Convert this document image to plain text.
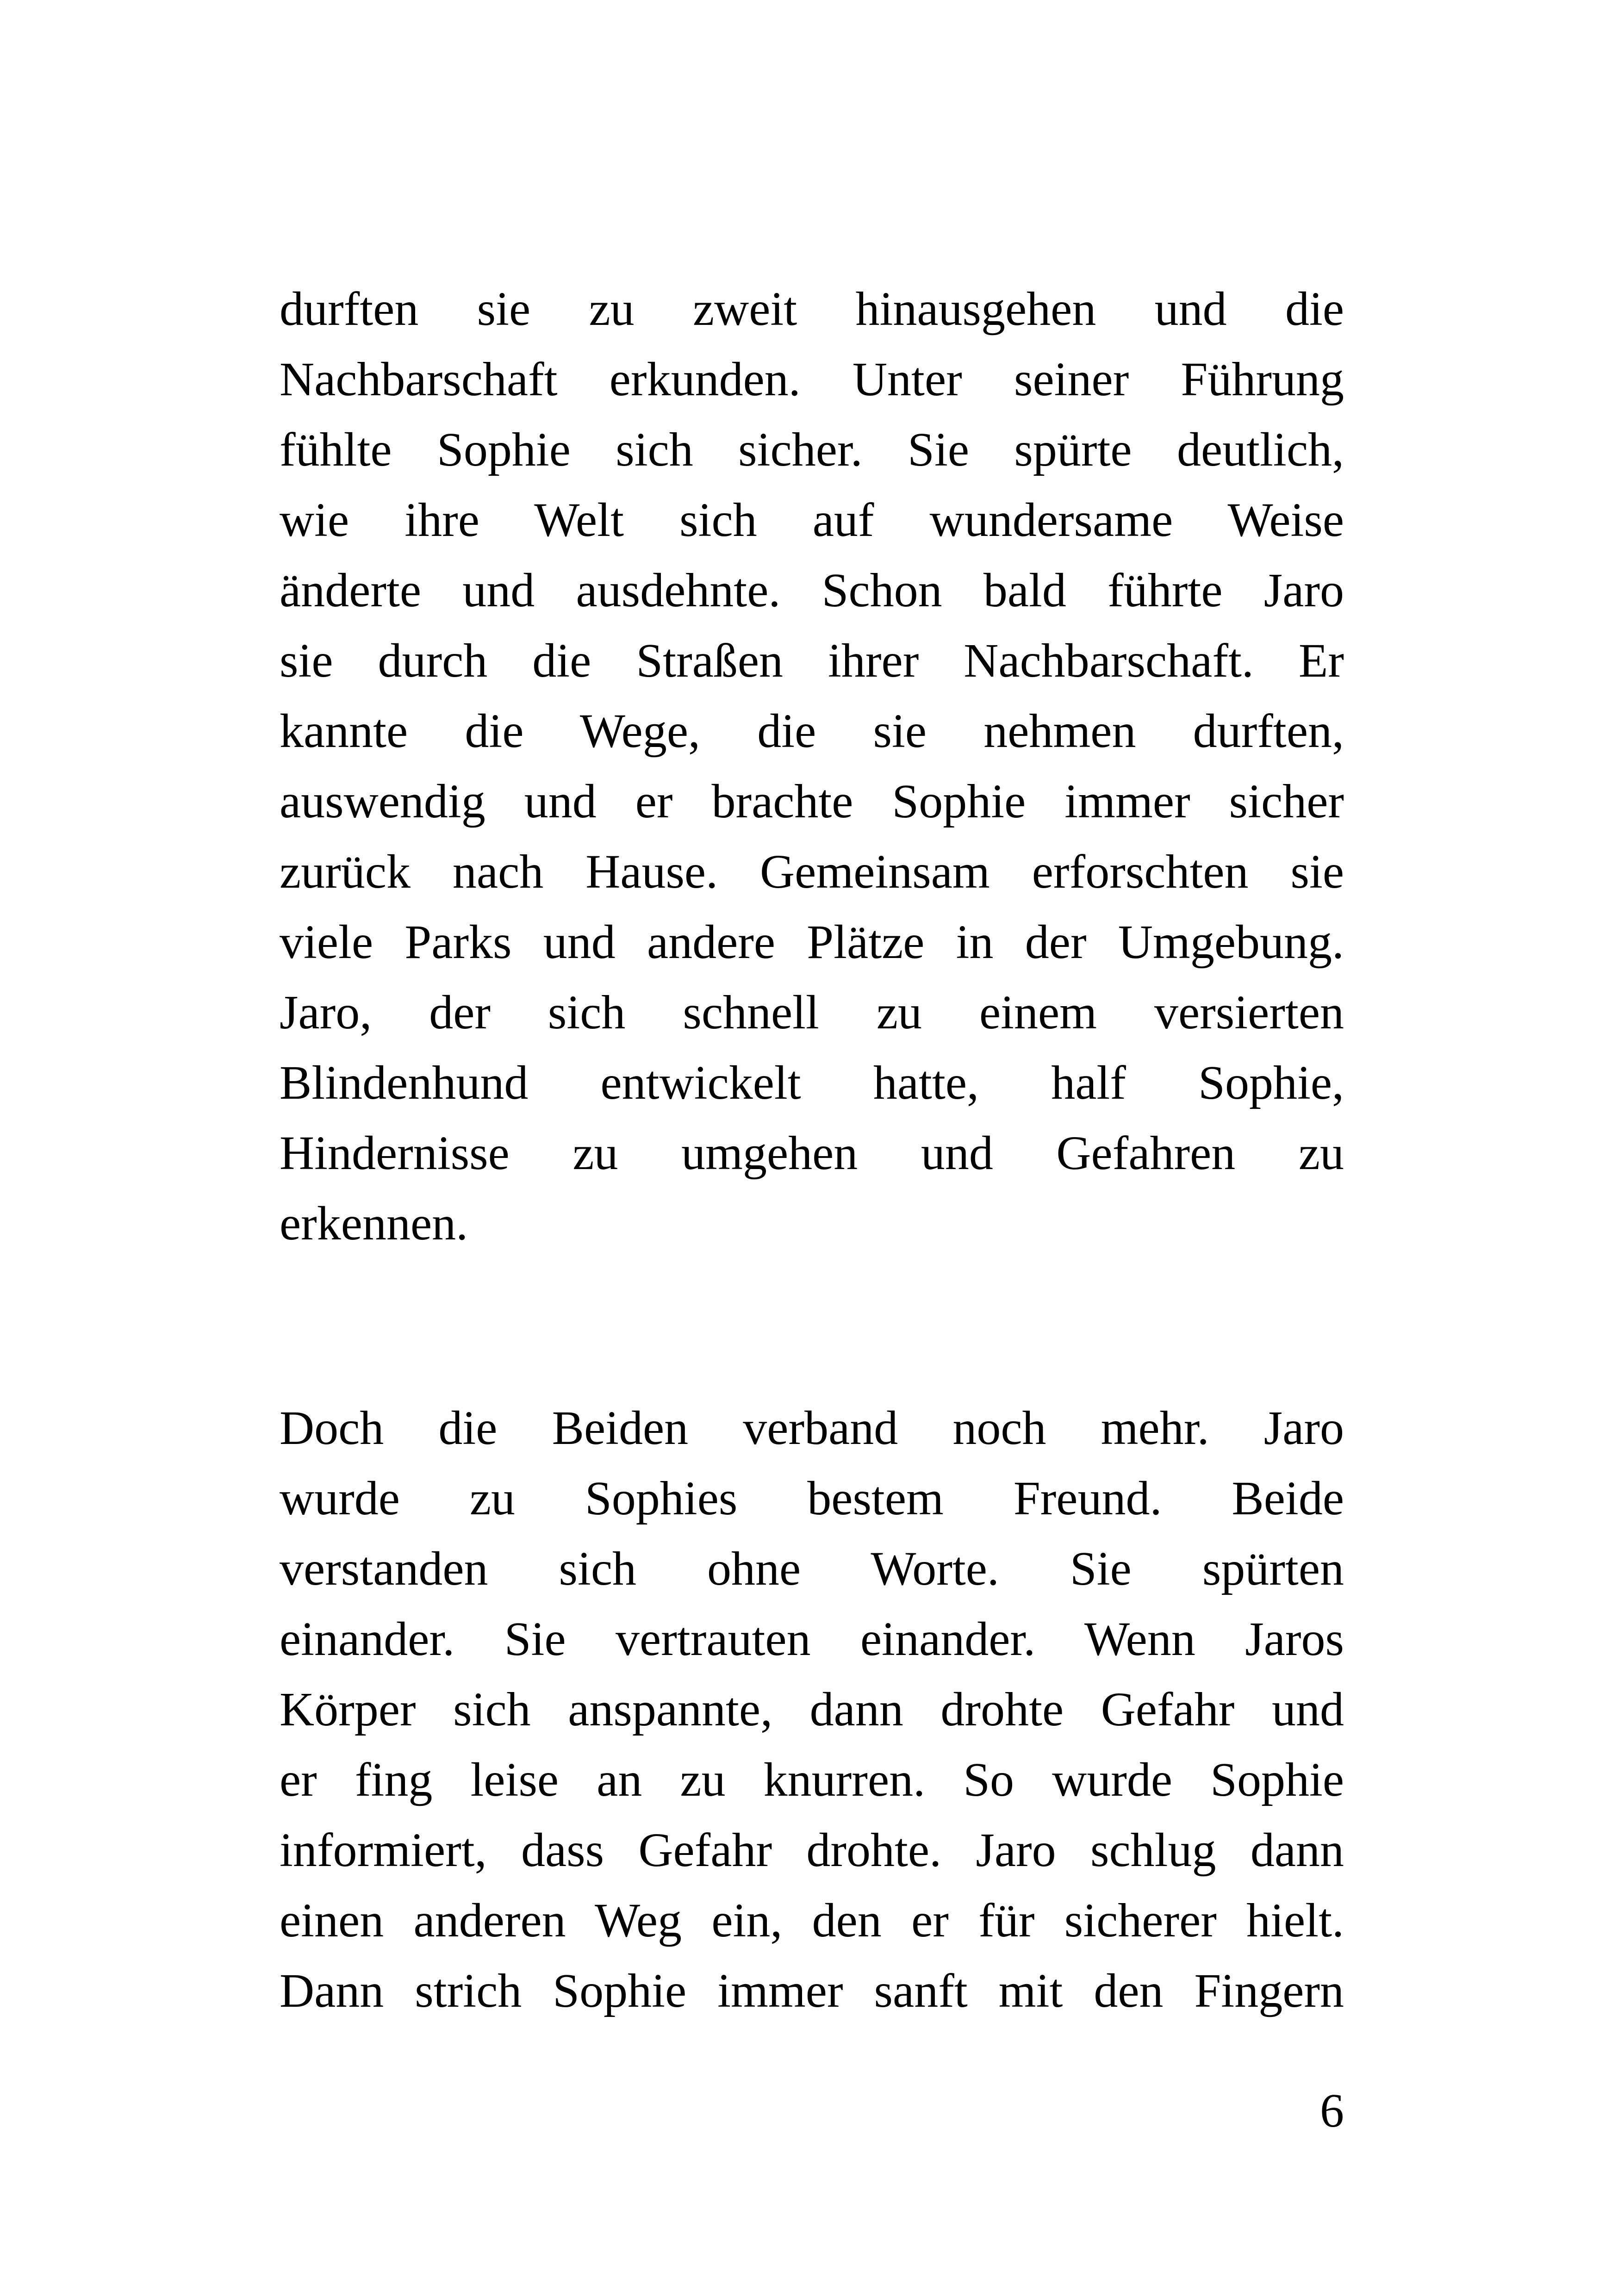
durften sie zu zweit hinausgehen und die
Nachbarschaft erkunden. Unter seiner Führung
fühlte Sophie sich sicher. Sie spürte deutlich,
wie ihre Welt sich auf wundersame Weise
änderte und ausdehnte. Schon bald führte Jaro
sie durch die Straßen ihrer Nachbarschaft. Er
kannte die Wege, die sie nehmen durften,
auswendig und er brachte Sophie immer sicher
zurück nach Hause. Gemeinsam erforschten sie
viele Parks und andere Plätze in der Umgebung.
Jaro, der sich schnell zu einem versierten
Blindenhund entwickelt hatte, half Sophie,
Hindernisse zu umgehen und Gefahren zu
erkennen.
Doch die Beiden verband noch mehr. Jaro
wurde zu Sophies bestem Freund. Beide
verstanden sich ohne Worte. Sie spürten
einander. Sie vertrauten einander. Wenn Jaros
Körper sich anspannte, dann drohte Gefahr und
er fing leise an zu knurren. So wurde Sophie
informiert, dass Gefahr drohte. Jaro schlug dann
einen anderen Weg ein, den er für sicherer hielt.
Dann strich Sophie immer sanft mit den Fingern
6
